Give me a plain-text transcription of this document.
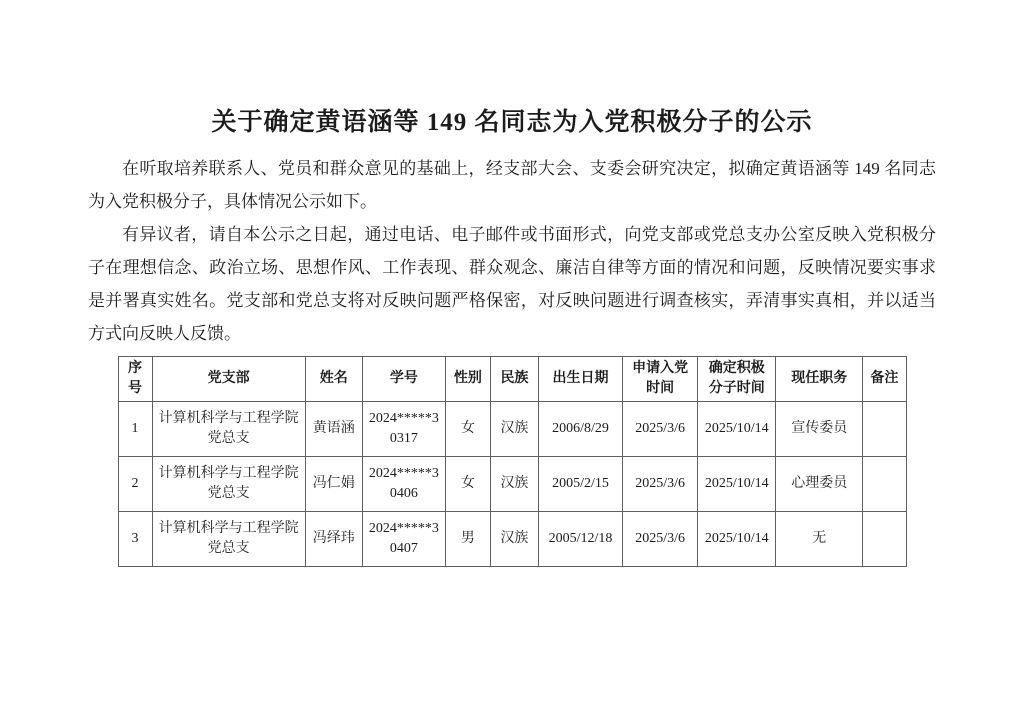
关于确定黄语涵等 149 名同志为入党积极分子的公示

在听取培养联系人、党员和群众意见的基础上，经支部大会、支委会研究决定，拟确定黄语涵等 149 名同志为入党积极分子，具体情况公示如下。

有异议者，请自本公示之日起，通过电话、电子邮件或书面形式，向党支部或党总支办公室反映入党积极分子在理想信念、政治立场、思想作风、工作表现、群众观念、廉洁自律等方面的情况和问题，反映情况要实事求是并署真实姓名。党支部和党总支将对反映问题严格保密，对反映问题进行调查核实，弄清事实真相，并以适当方式向反映人反馈。

序号	党支部	姓名	学号	性别	民族	出生日期	申请入党时间	确定积极分子时间	现任职务	备注
1	计算机科学与工程学院党总支	黄语涵	2024*****30317	女	汉族	2006/8/29	2025/3/6	2025/10/14	宣传委员	
2	计算机科学与工程学院党总支	冯仁娟	2024*****30406	女	汉族	2005/2/15	2025/3/6	2025/10/14	心理委员	
3	计算机科学与工程学院党总支	冯绎玮	2024*****30407	男	汉族	2005/12/18	2025/3/6	2025/10/14	无	
